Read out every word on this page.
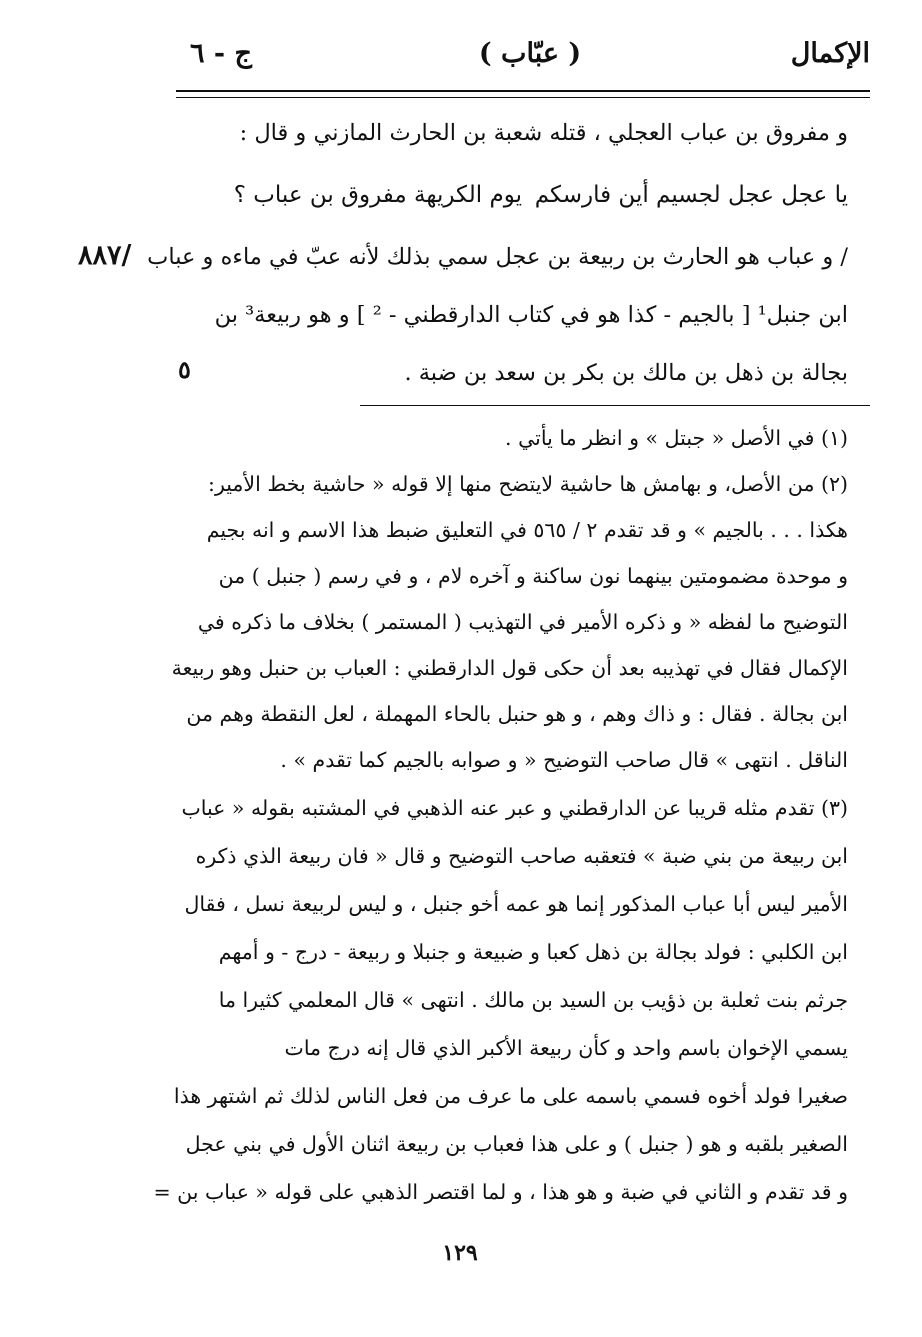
الإكمال
( عبّاب )
ج - ٦
و مفروق بن عباب العجلي ، قتله شعبة بن الحارث المازني و قال :
يا عجل عجل لجسيم أين فارسكم
يوم الكريهة مفروق بن عباب ؟
/ و عباب هو الحارث بن ربيعة بن عجل سمي بذلك لأنه عبّ في ماءه و عباب
ابن جنبل¹ [ بالجيم - كذا هو في كتاب الدارقطني - ² ] و هو ربيعة³ بن
بجالة بن ذهل بن مالك بن بكر بن سعد بن ضبة .
٨٨٧/
٥
(١) في الأصل « جبتل » و انظر ما يأتي .
(٢) من الأصل، و بهامش ها حاشية لايتضح منها إلا قوله « حاشية بخط الأمير:
هكذا . . . بالجيم » و قد تقدم ٢ / ٥٦٥ في التعليق ضبط هذا الاسم و انه بجيم
و موحدة مضمومتين بينهما نون ساكنة و آخره لام ، و في رسم ( جنبل ) من
التوضيح ما لفظه « و ذكره الأمير في التهذيب ( المستمر ) بخلاف ما ذكره في
الإكمال فقال في تهذيبه بعد أن حكى قول الدارقطني : العباب بن حنبل وهو ربيعة
ابن بجالة . فقال : و ذاك وهم ، و هو حنبل بالحاء المهملة ، لعل النقطة وهم من
الناقل . انتهى » قال صاحب التوضيح « و صوابه بالجيم كما تقدم » .
(٣) تقدم مثله قريبا عن الدارقطني و عبر عنه الذهبي في المشتبه بقوله « عباب
ابن ربيعة من بني ضبة » فتعقبه صاحب التوضيح و قال « فان ربيعة الذي ذكره
الأمير ليس أبا عباب المذكور إنما هو عمه أخو جنبل ، و ليس لربيعة نسل ، فقال
ابن الكلبي : فولد بجالة بن ذهل كعبا و ضبيعة و جنبلا و ربيعة - درج - و أمهم
جرثم بنت ثعلبة بن ذؤيب بن السيد بن مالك . انتهى » قال المعلمي كثيرا ما
يسمي الإخوان باسم واحد و كأن ربيعة الأكبر الذي قال إنه درج مات
صغيرا فولد أخوه فسمي باسمه على ما عرف من فعل الناس لذلك ثم اشتهر هذا
الصغير بلقبه و هو ( جنبل ) و على هذا فعباب بن ربيعة اثنان الأول في بني عجل
و قد تقدم و الثاني في ضبة و هو هذا ، و لما اقتصر الذهبي على قوله « عباب بن =
١٢٩
